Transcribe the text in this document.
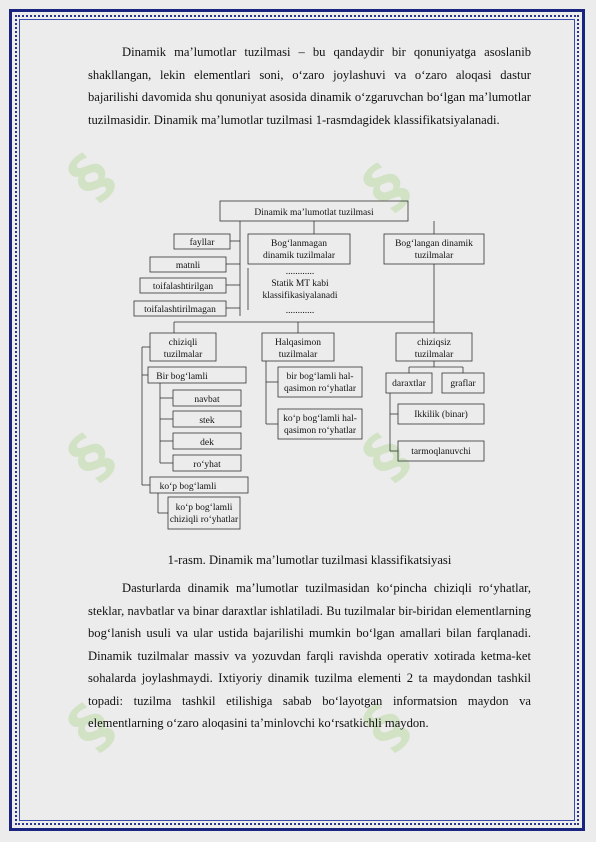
§	§
§	§
§	§

Dinamik ma’lumotlar tuzilmasi – bu qandaydir bir qonuniyatga asoslanib shakllangan, lekin elementlari soni, o‘zaro joylashuvi va o‘zaro aloqasi dastur bajarilishi davomida shu qonuniyat asosida dinamik o‘zgaruvchan bo‘lgan ma’lumotlar tuzilmasidir. Dinamik ma’lumotlar tuzilmasi 1-rasmdagidek klassifikatsiyalanadi.

Dinamik ma’lumotlat tuzilmasi
fayllar
matnli
toifalashtirilgan
toifalashtirilmagan
Bog‘lanmagan
dinamik tuzilmalar
............
Statik MT kabi
klassifikasiyalanadi
............
Bog‘langan dinamik
tuzilmalar
chiziqli
tuzilmalar
Halqasimon
tuzilmalar
chiziqsiz
tuzilmalar
Bir bog‘lamli
navbat
stek
dek
ro‘yhat
ko‘p bog‘lamli
ko‘p bog‘lamli
chiziqli ro‘yhatlar
bir bog‘lamli hal-
qasimon ro‘yhatlar
ko‘p bog‘lamli hal-
qasimon ro‘yhatlar
daraxtlar	graflar
Ikkilik (binar)
tarmoqlanuvchi
1-rasm. Dinamik ma’lumotlar tuzilmasi klassifikatsiyasi

Dasturlarda dinamik ma’lumotlar tuzilmasidan ko‘pincha chiziqli ro‘yhatlar, steklar, navbatlar va binar daraxtlar ishlatiladi. Bu tuzilmalar bir-biridan elementlarning bog‘lanish usuli va ular ustida bajarilishi mumkin bo‘lgan amallari bilan farqlanadi. Dinamik tuzilmalar massiv va yozuvdan farqli ravishda operativ xotirada ketma-ket sohalarda joylashmaydi. Ixtiyoriy dinamik tuzilma elementi 2 ta maydondan tashkil topadi: tuzilma tashkil etilishiga sabab bo‘layotgan informatsion maydon va elementlarning o‘zaro aloqasini ta’minlovchi ko‘rsatkichli maydon.
